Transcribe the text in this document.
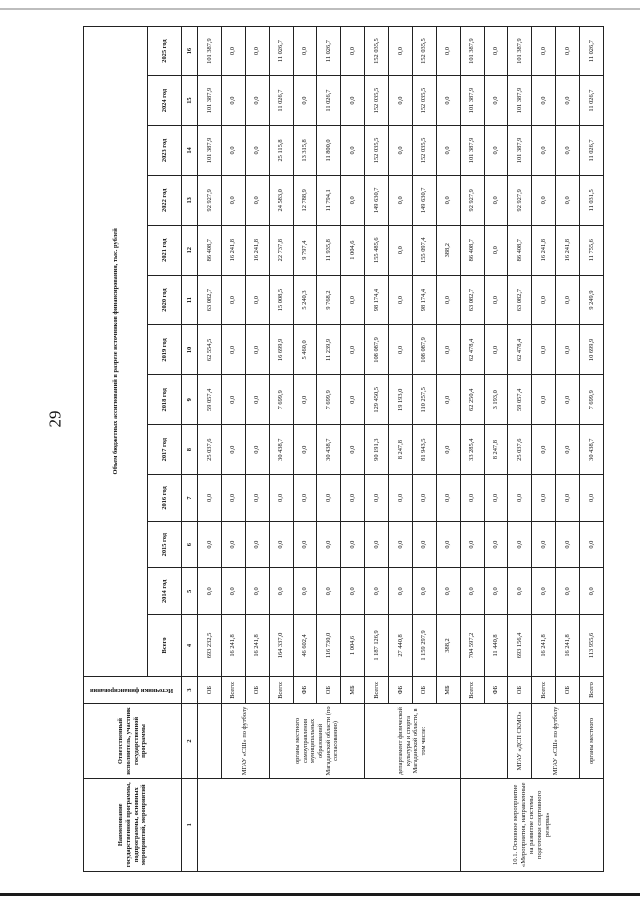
29
Наименование государственной программы, подпрограммы, основных мероприятий, мероприятий	Ответственный исполнитель, участник государственной программы	Источники финансирования	Объем бюджетных ассигнований в разрезе источников финансирования, тыс. рублей												
			Всего	2014 год	2015 год	2016 год	2017 год	2018 год	2019 год	2020 год	2021 год	2022 год	2023 год	2024 год	2025 год
1	2	3	4	5	6	7	8	9	10	11	12	13	14	15	16
		ОБ	693 232,5	0,0	0,0	0,0	25 037,6	59 057,4	62 554,5	63 082,7	86 408,7	92 927,9	101 387,9	101 387,9	101 387,9
	МГАУ «СШ» по футболу	Всего:	16 241,8	0,0	0,0	0,0	0,0	0,0	0,0	0,0	16 241,8	0,0	0,0	0,0	0,0
		ОБ	16 241,8	0,0	0,0	0,0	0,0	0,0	0,0	0,0	16 241,8	0,0	0,0	0,0	0,0
	органы местного самоуправления муниципальных образований Магаданской области (по согласованию)	Всего:	164 337,0	0,0	0,0	0,0	30 438,7	7 699,9	16 699,9	15 008,5	22 737,8	24 583,0	25 115,8	11 026,7	11 026,7
		ФБ	46 602,4	0,0	0,0	0,0	0,0	0,0	5 460,0	5 240,3	9 797,4	12 788,9	13 315,8	0,0	0,0
		ОБ	116 730,0	0,0	0,0	0,0	30 438,7	7 699,9	11 239,9	9 768,2	11 935,8	11 794,1	11 800,0	11 026,7	11 026,7
		МБ	1 004,6	0,0	0,0	0,0	0,0	0,0	0,0	0,0	1 004,6	0,0	0,0	0,0	0,0
	департамент физической культуры и спорта Магаданской области, в том числе:	Всего:	1 187 126,9	0,0	0,0	0,0	90 191,3	129 450,5	108 087,9	98 174,4	155 485,6	149 630,7	152 035,5	152 035,5	152 035,5
		ФБ	27 440,8	0,0	0,0	0,0	8 247,8	19 193,0	0,0	0,0	0,0	0,0	0,0	0,0	0,0
		ОБ	1 159 297,9	0,0	0,0	0,0	81 943,5	110 257,5	108 087,9	98 174,4	155 097,4	149 630,7	152 035,5	152 035,5	152 035,5
		МБ	388,2	0,0	0,0	0,0	0,0	0,0	0,0	0,0	388,2	0,0	0,0	0,0	0,0
10.1. Основное мероприятие «Мероприятия, направленные на развитие системы подготовки спортивного резерва»		Всего:	704 597,2	0,0	0,0	0,0	33 285,4	62 250,4	62 478,4	63 082,7	86 408,7	92 927,9	101 387,9	101 387,9	101 387,9
		ФБ	11 440,8	0,0	0,0	0,0	8 247,8	3 193,0	0,0	0,0	0,0	0,0	0,0	0,0	0,0
	МГАУ «ДСП СКМО»	ОБ	693 156,4	0,0	0,0	0,0	25 037,6	59 057,4	62 478,4	63 082,7	86 408,7	92 927,9	101 387,9	101 387,9	101 387,9
	МГАУ «СШ» по футболу	Всего:	16 241,8	0,0	0,0	0,0	0,0	0,0	0,0	0,0	16 241,8	0,0	0,0	0,0	0,0
		ОБ	16 241,8	0,0	0,0	0,0	0,0	0,0	0,0	0,0	16 241,8	0,0	0,0	0,0	0,0
	органы местного	Всего	113 955,6	0,0	0,0	0,0	30 438,7	7 699,9	10 699,9	9 249,9	11 755,6	11 031,5	11 026,7	11 026,7	11 026,7
